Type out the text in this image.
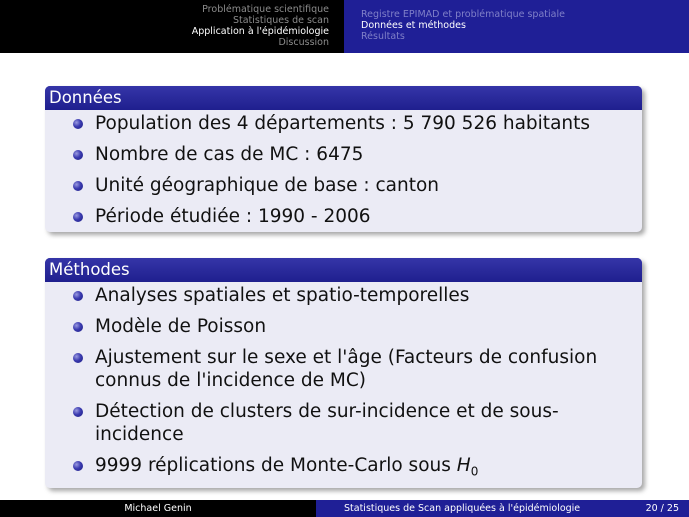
Problématique scientifique
Statistiques de scan
Application à l'épidémiologie
Discussion
Registre EPIMAD et problématique spatiale
Données et méthodes
Résultats
Données
Population des 4 départements : 5 790 526 habitants
Nombre de cas de MC : 6475
Unité géographique de base : canton
Période étudiée : 1990 - 2006
Méthodes
Analyses spatiales et spatio-temporelles
Modèle de Poisson
Ajustement sur le sexe et l'âge (Facteurs de confusion connus de l'incidence de MC)
Détection de clusters de sur-incidence et de sous-incidence
9999 réplications de Monte-Carlo sous $H_0$
Michael Genin	Statistiques de Scan appliquées à l'épidémiologie	20 / 25
